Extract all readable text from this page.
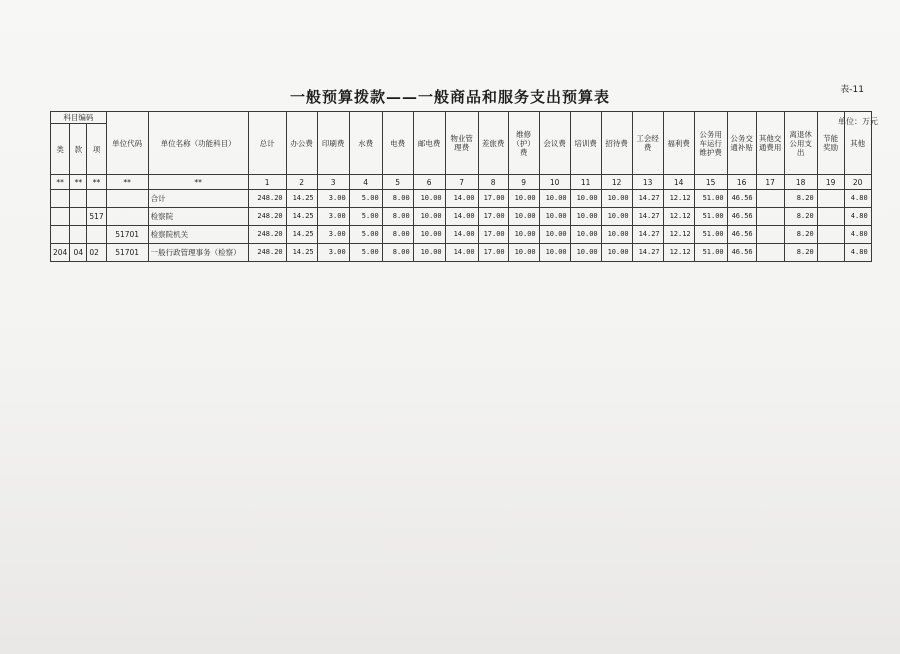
表-11
一般预算拨款——一般商品和服务支出预算表
单位：万元
科目编码			单位代码	单位名称（功能科目）	总计	办公费	印刷费	水费	电费	邮电费	物业管理费	差旅费	维修（护）费	会议费	培训费	招待费	工会经费	福利费	公务用车运行维护费	公务交通补贴	其他交通费用	离退休公用支出	节能奖励	其他
类	款	项																						
**	**	**	**	**	1	2	3	4	5	6	7	8	9	10	11	12	13	14	15	16	17	18	19	20
				合计	248.20	14.25	3.00	5.00	8.00	10.00	14.00	17.00	10.00	10.00	10.00	10.00	14.27	12.12	51.00	46.56		8.20		4.80
		517		检察院	248.20	14.25	3.00	5.00	8.00	10.00	14.00	17.00	10.00	10.00	10.00	10.00	14.27	12.12	51.00	46.56		8.20		4.80
			51701	检察院机关	248.20	14.25	3.00	5.00	8.00	10.00	14.00	17.00	10.00	10.00	10.00	10.00	14.27	12.12	51.00	46.56		8.20		4.80
204	04	02	51701	一般行政管理事务（检察）	248.20	14.25	3.00	5.00	8.00	10.00	14.00	17.00	10.00	10.00	10.00	10.00	14.27	12.12	51.00	46.56		8.20		4.80
